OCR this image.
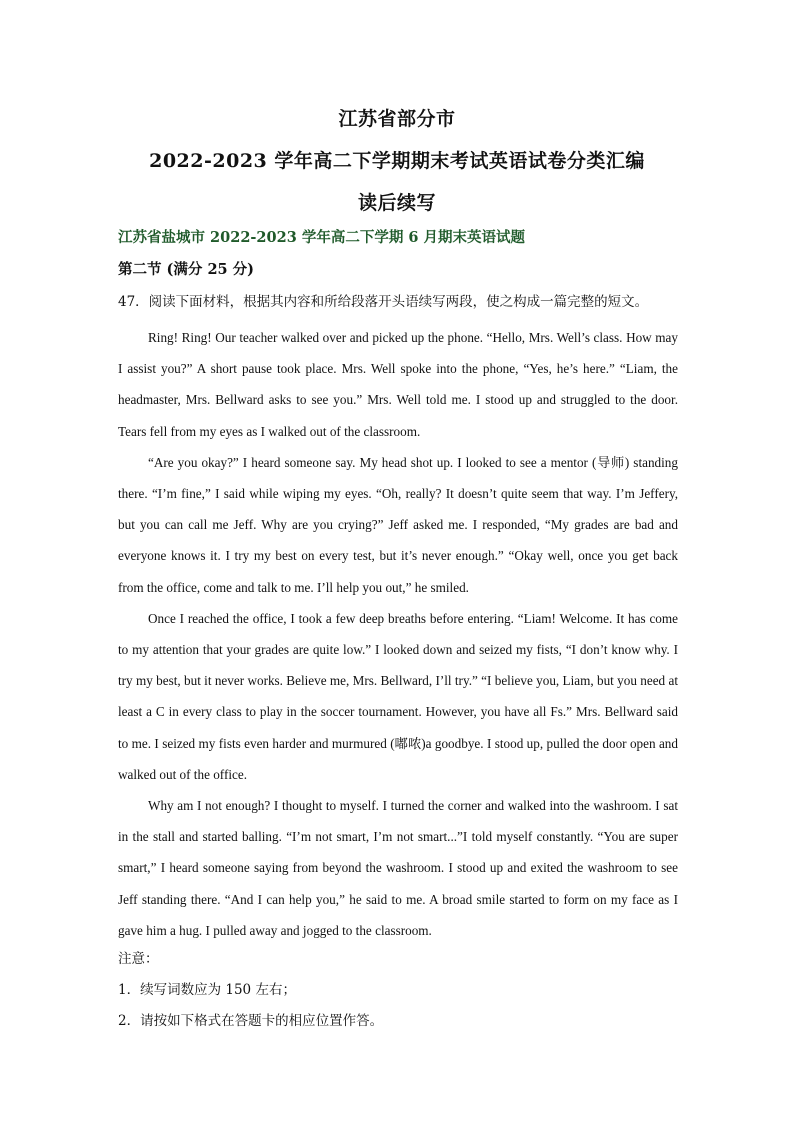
江苏省部分市
2022-2023 学年高二下学期期末考试英语试卷分类汇编
读后续写
江苏省盐城市 2022-2023 学年高二下学期 6 月期末英语试题
第二节 (满分 25 分)
47．阅读下面材料，根据其内容和所给段落开头语续写两段，使之构成一篇完整的短文。

Ring! Ring! Our teacher walked over and picked up the phone. “Hello, Mrs. Well’s class. How may I assist you?” A short pause took place. Mrs. Well spoke into the phone, “Yes, he’s here.” “Liam, the headmaster, Mrs. Bellward asks to see you.” Mrs. Well told me. I stood up and struggled to the door. Tears fell from my eyes as I walked out of the classroom.

“Are you okay?” I heard someone say. My head shot up. I looked to see a mentor (导师) standing there. “I’m fine,” I said while wiping my eyes. “Oh, really? It doesn’t quite seem that way. I’m Jeffery, but you can call me Jeff. Why are you crying?” Jeff asked me. I responded, “My grades are bad and everyone knows it. I try my best on every test, but it’s never enough.” “Okay well, once you get back from the office, come and talk to me. I’ll help you out,” he smiled.

Once I reached the office, I took a few deep breaths before entering. “Liam! Welcome. It has come to my attention that your grades are quite low.” I looked down and seized my fists, “I don’t know why. I try my best, but it never works. Believe me, Mrs. Bellward, I’ll try.” “I believe you, Liam, but you need at least a C in every class to play in the soccer tournament. However, you have all Fs.” Mrs. Bellward said to me. I seized my fists even harder and murmured (嘟哝)a goodbye. I stood up, pulled the door open and walked out of the office.

Why am I not enough? I thought to myself. I turned the corner and walked into the washroom. I sat in the stall and started balling. “I’m not smart, I’m not smart...”I told myself constantly. “You are super smart,” I heard someone saying from beyond the washroom. I stood up and exited the washroom to see Jeff standing there. “And I can help you,” he said to me. A broad smile started to form on my face as I gave him a hug. I pulled away and jogged to the classroom.

注意：
1．续写词数应为 150 左右；
2．请按如下格式在答题卡的相应位置作答。
